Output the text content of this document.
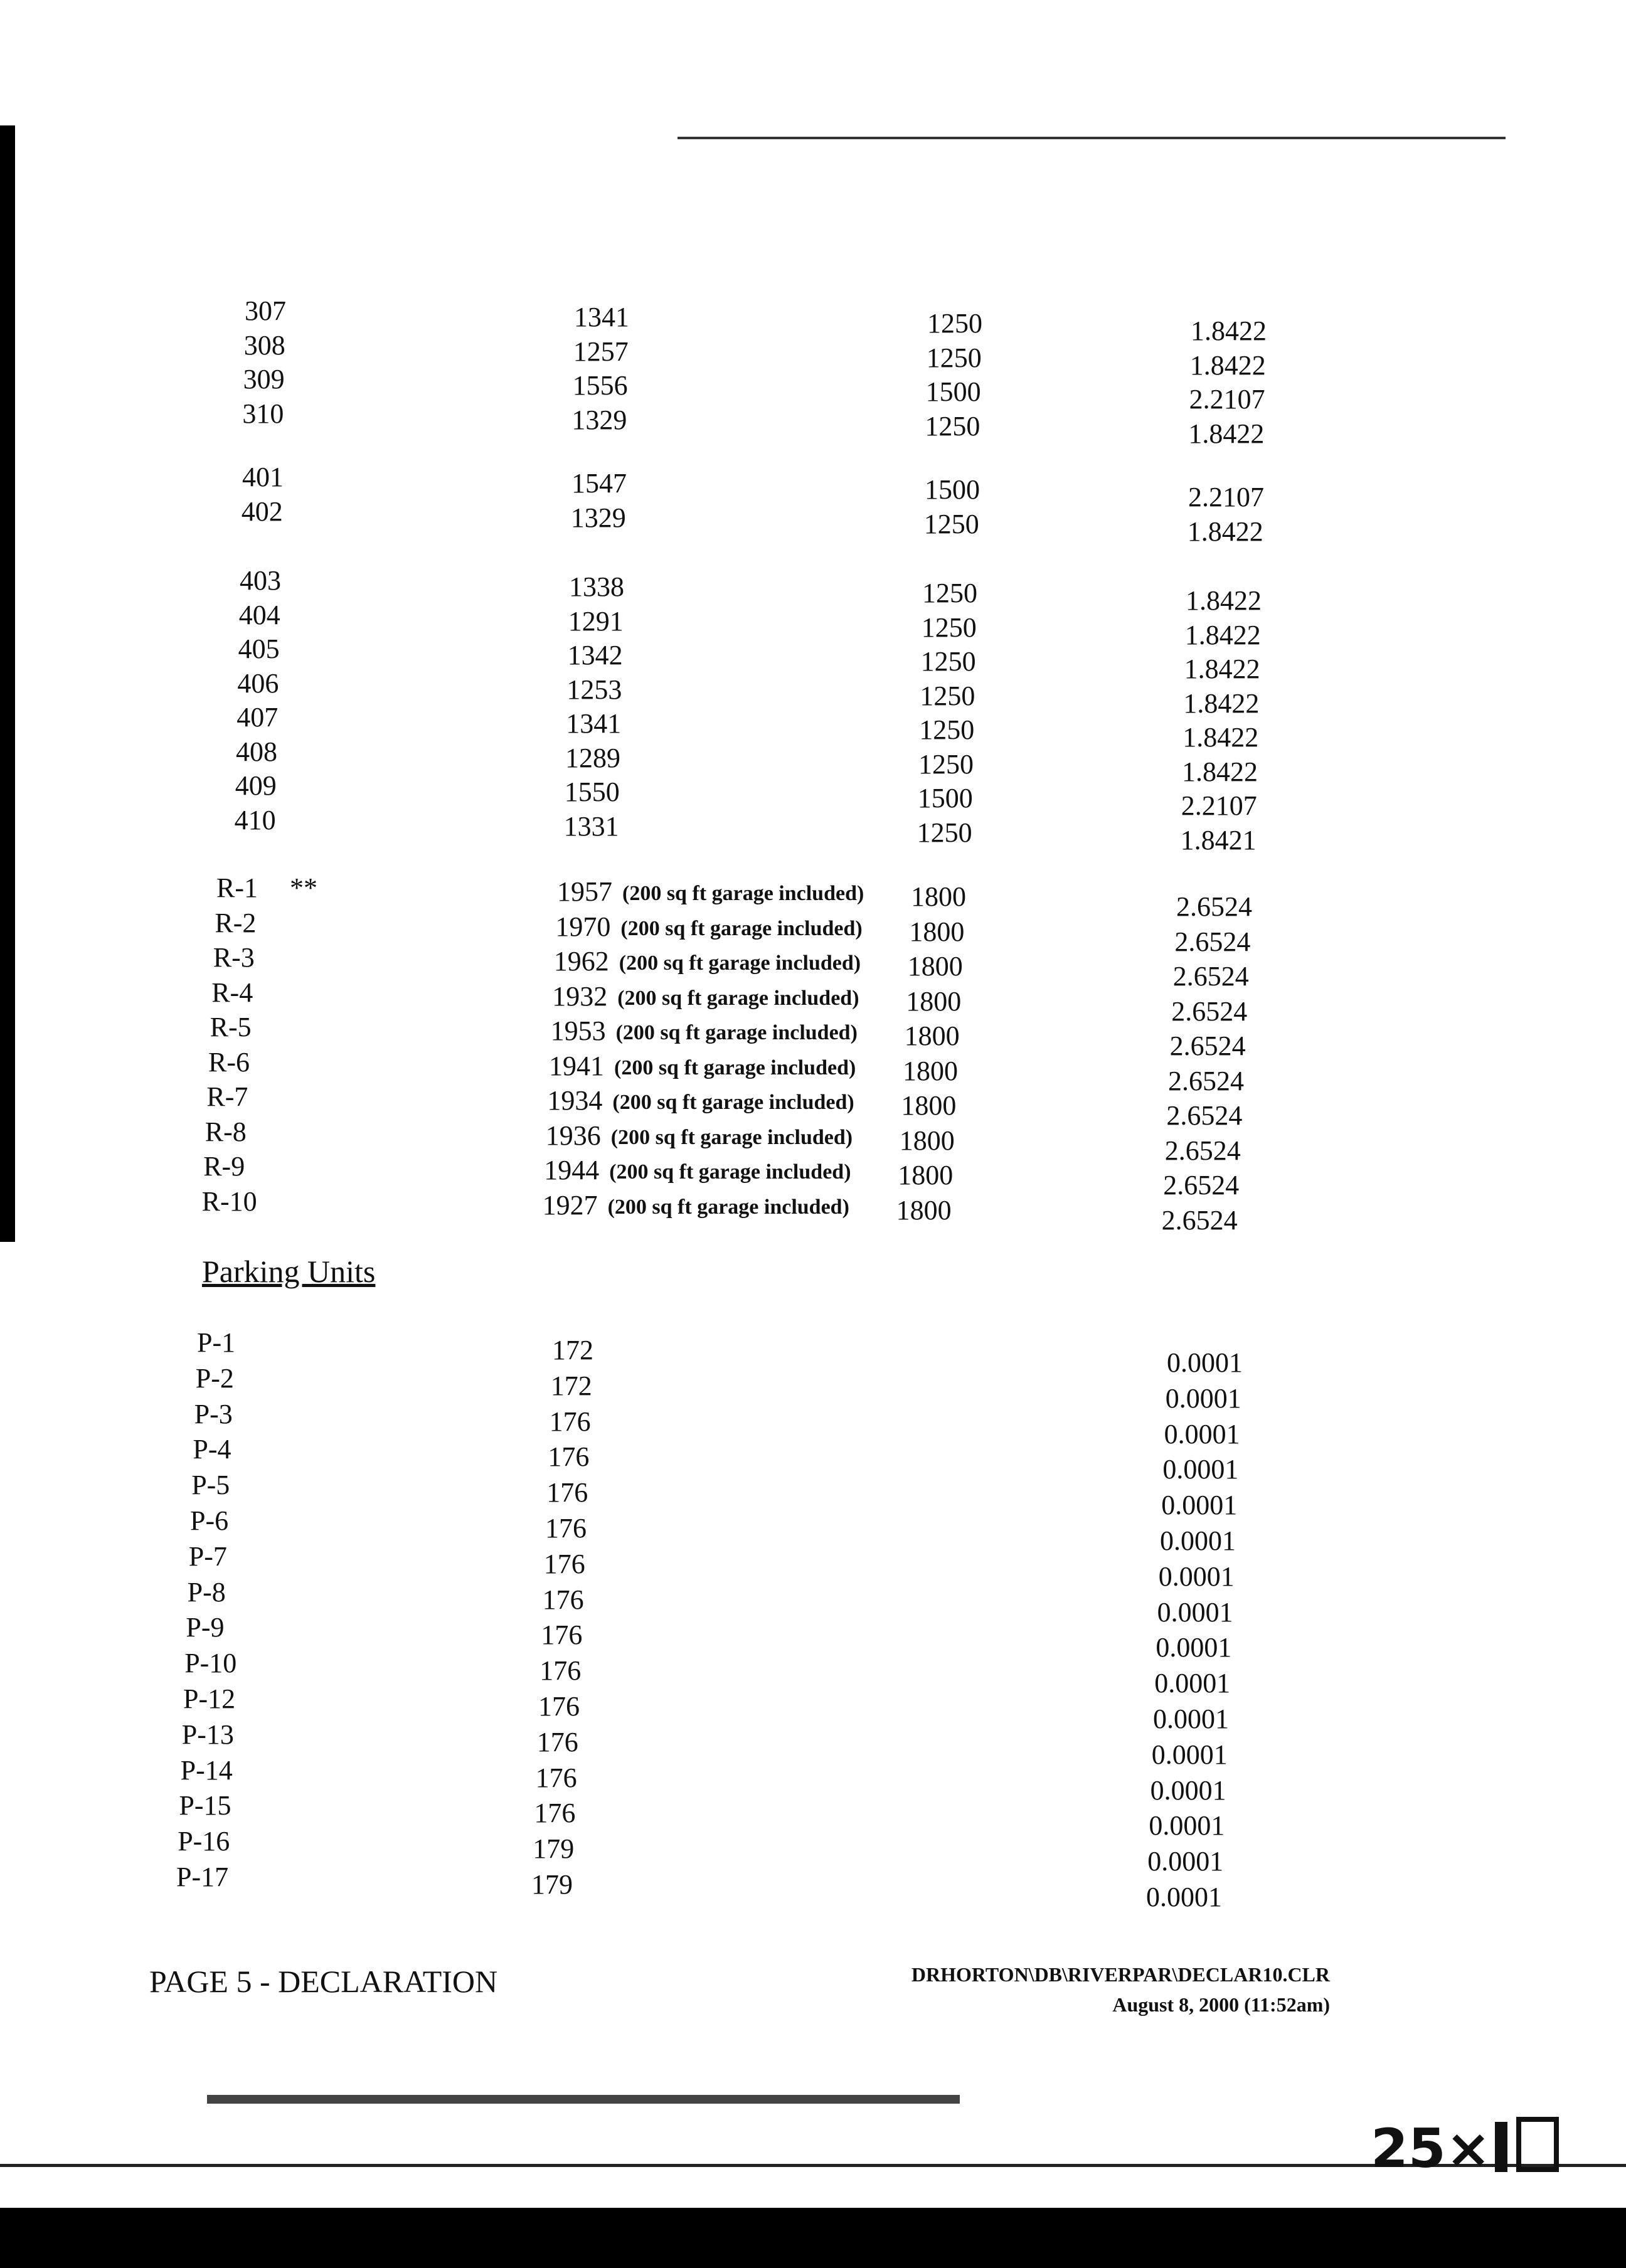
307	1341	1250	1.8422
308	1257	1250	1.8422
309	1556	1500	2.2107
310	1329	1250	1.8422
401	1547	1500	2.2107
402	1329	1250	1.8422
403	1338	1250	1.8422
404	1291	1250	1.8422
405	1342	1250	1.8422
406	1253	1250	1.8422
407	1341	1250	1.8422
408	1289	1250	1.8422
409	1550	1500	2.2107
410	1331	1250	1.8421
R-1 **	1957 (200 sq ft garage included) 1800	2.6524
R-2	1970 (200 sq ft garage included) 1800	2.6524
R-3	1962 (200 sq ft garage included) 1800	2.6524
R-4	1932 (200 sq ft garage included) 1800	2.6524
R-5	1953 (200 sq ft garage included) 1800	2.6524
R-6	1941 (200 sq ft garage included) 1800	2.6524
R-7	1934 (200 sq ft garage included) 1800	2.6524
R-8	1936 (200 sq ft garage included) 1800	2.6524
R-9	1944 (200 sq ft garage included) 1800	2.6524
R-10	1927 (200 sq ft garage included) 1800	2.6524
Parking Units
P-1	172	0.0001
P-2	172	0.0001
P-3	176	0.0001
P-4	176	0.0001
P-5	176	0.0001
P-6	176	0.0001
P-7	176	0.0001
P-8	176	0.0001
P-9	176	0.0001
P-10	176	0.0001
P-12	176	0.0001
P-13	176	0.0001
P-14	176	0.0001
P-15	176	0.0001
P-16	179	0.0001
P-17	179	0.0001
PAGE 5 - DECLARATION	DRHORTON\DB\RIVERPAR\DECLAR10.CLR
August 8, 2000 (11:52am)
25×
